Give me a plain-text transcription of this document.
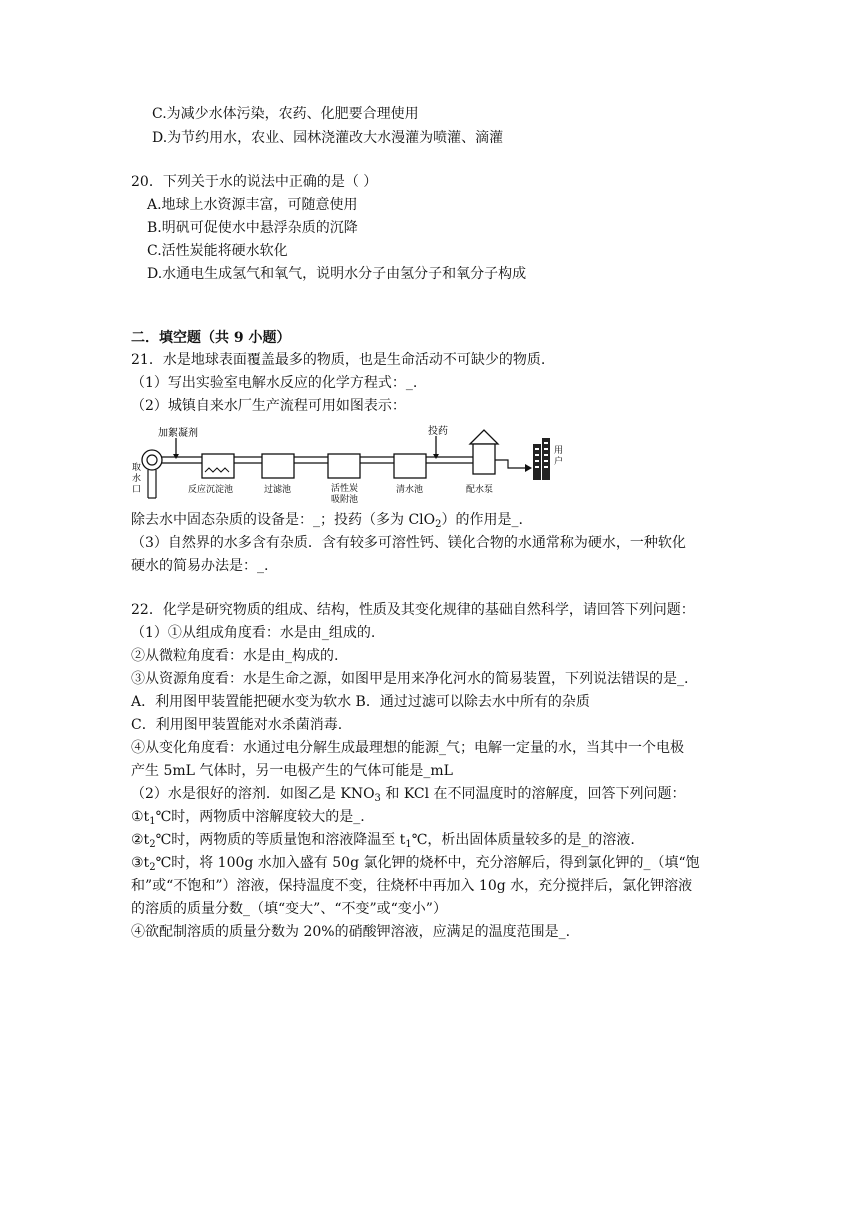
C.为减少水体污染，农药、化肥要合理使用
D.为节约用水，农业、园林浇灌改大水漫灌为喷灌、滴灌
20．下列关于水的说法中正确的是（ ）
A.地球上水资源丰富，可随意使用
B.明矾可促使水中悬浮杂质的沉降
C.活性炭能将硬水软化
D.水通电生成氢气和氧气，说明水分子由氢分子和氧分子构成
二．填空题（共 9 小题）
21．水是地球表面覆盖最多的物质，也是生命活动不可缺少的物质.
（1）写出实验室电解水反应的化学方程式：_.
（2）城镇自来水厂生产流程可用如图表示：
加絮凝剂	投药
取
水
口
用
户
反应沉淀池	过滤池	活性炭
吸附池
清水池	配水泵
除去水中固态杂质的设备是：_；投药（多为 ClO$_2$）的作用是_.
（3）自然界的水多含有杂质．含有较多可溶性钙、镁化合物的水通常称为硬水，一种软化
硬水的简易办法是：_.
22．化学是研究物质的组成、结构，性质及其变化规律的基础自然科学，请回答下列问题：
（1）①从组成角度看：水是由_组成的.
②从微粒角度看：水是由_构成的.
③从资源角度看：水是生命之源，如图甲是用来净化河水的简易装置，下列说法错误的是_.
A．利用图甲装置能把硬水变为软水 B．通过过滤可以除去水中所有的杂质
C．利用图甲装置能对水杀菌消毒.
④从变化角度看：水通过电分解生成最理想的能源_气；电解一定量的水，当其中一个电极
产生 5mL 气体时，另一电极产生的气体可能是_mL
（2）水是很好的溶剂．如图乙是 $KNO_3$ 和 KCl 在不同温度时的溶解度，回答下列问题：
$①t_1℃$时，两物质中溶解度较大的是_.
$②t_2℃$时，两物质的等质量饱和溶液降温至 $t_1℃$，析出固体质量较多的是_的溶液.
$③t_2℃$时，将 100g 水加入盛有 50g 氯化钾的烧杯中，充分溶解后，得到氯化钾的_（填“饱
和”或“不饱和”）溶液，保持温度不变，往烧杯中再加入 10g 水，充分搅拌后，氯化钾溶液
的溶质的质量分数_（填“变大”、“不变”或“变小”）
④欲配制溶质的质量分数为 20%的硝酸钾溶液，应满足的温度范围是_.
